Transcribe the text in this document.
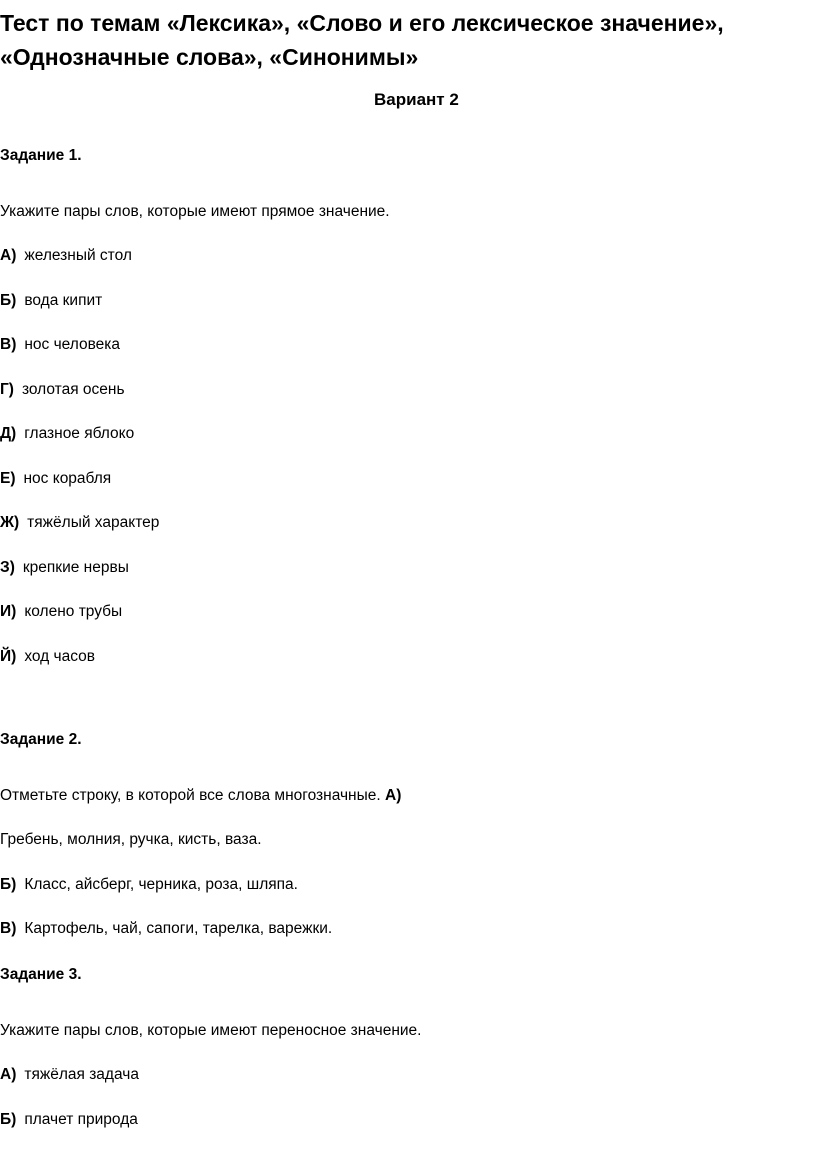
Тест по темам «Лексика», «Слово и его лексическое значение», «Однозначные слова», «Синонимы»
Вариант 2
Задание 1.
Укажите пары слов, которые имеют прямое значение.
А) железный стол
Б) вода кипит
В) нос человека
Г) золотая осень
Д) глазное яблоко
Е) нос корабля
Ж) тяжёлый характер
З) крепкие нервы
И) колено трубы
Й) ход часов
Задание 2.
Отметьте строку, в которой все слова многозначные. А)
Гребень, молния, ручка, кисть, ваза.
Б) Класс, айсберг, черника, роза, шляпа.
В) Картофель, чай, сапоги, тарелка, варежки.
Задание 3.
Укажите пары слов, которые имеют переносное значение.
А) тяжёлая задача
Б) плачет природа
